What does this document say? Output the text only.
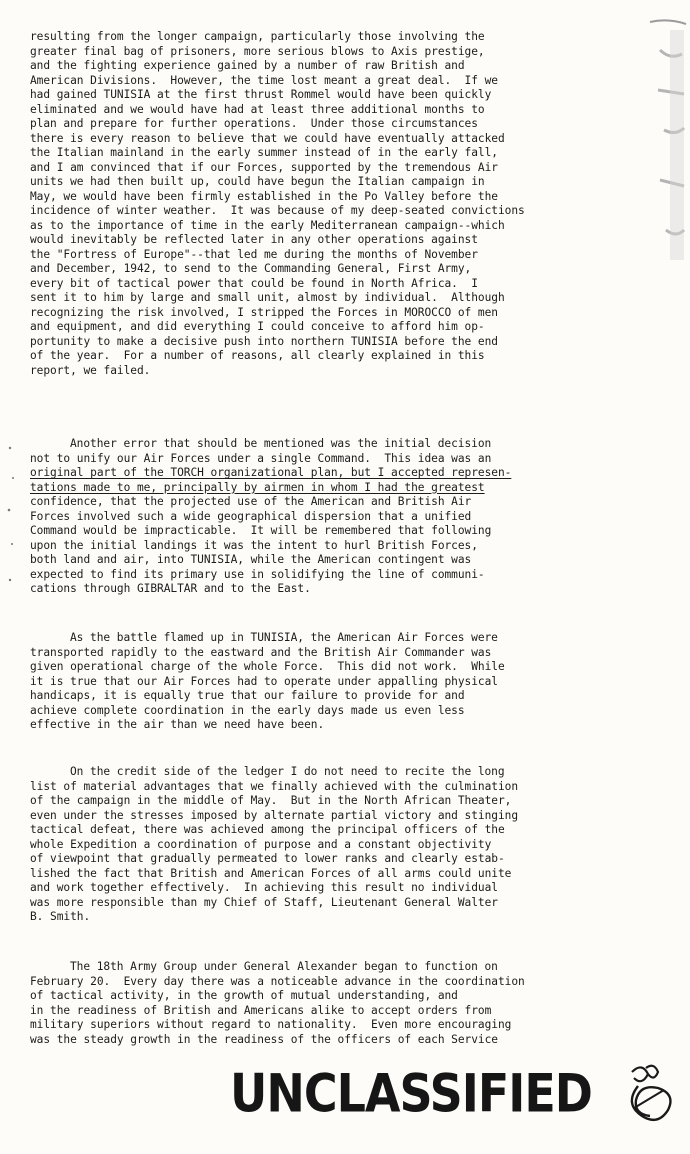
resulting from the longer campaign, particularly those involving the
greater final bag of prisoners, more serious blows to Axis prestige,
and the fighting experience gained by a number of raw British and
American Divisions.  However, the time lost meant a great deal.  If we
had gained TUNISIA at the first thrust Rommel would have been quickly
eliminated and we would have had at least three additional months to
plan and prepare for further operations.  Under those circumstances
there is every reason to believe that we could have eventually attacked
the Italian mainland in the early summer instead of in the early fall,
and I am convinced that if our Forces, supported by the tremendous Air
units we had then built up, could have begun the Italian campaign in
May, we would have been firmly established in the Po Valley before the
incidence of winter weather.  It was because of my deep-seated convictions
as to the importance of time in the early Mediterranean campaign--which
would inevitably be reflected later in any other operations against
the "Fortress of Europe"--that led me during the months of November
and December, 1942, to send to the Commanding General, First Army,
every bit of tactical power that could be found in North Africa.  I
sent it to him by large and small unit, almost by individual.  Although
recognizing the risk involved, I stripped the Forces in MOROCCO of men
and equipment, and did everything I could conceive to afford him op-
portunity to make a decisive push into northern TUNISIA before the end
of the year.  For a number of reasons, all clearly explained in this
report, we failed.
Another error that should be mentioned was the initial decision
not to unify our Air Forces under a single Command.  This idea was an
original part of the TORCH organizational plan, but I accepted represen-
tations made to me, principally by airmen in whom I had the greatest
confidence, that the projected use of the American and British Air
Forces involved such a wide geographical dispersion that a unified
Command would be impracticable.  It will be remembered that following
upon the initial landings it was the intent to hurl British Forces,
both land and air, into TUNISIA, while the American contingent was
expected to find its primary use in solidifying the line of communi-
cations through GIBRALTAR and to the East.
As the battle flamed up in TUNISIA, the American Air Forces were
transported rapidly to the eastward and the British Air Commander was
given operational charge of the whole Force.  This did not work.  While
it is true that our Air Forces had to operate under appalling physical
handicaps, it is equally true that our failure to provide for and
achieve complete coordination in the early days made us even less
effective in the air than we need have been.
On the credit side of the ledger I do not need to recite the long
list of material advantages that we finally achieved with the culmination
of the campaign in the middle of May.  But in the North African Theater,
even under the stresses imposed by alternate partial victory and stinging
tactical defeat, there was achieved among the principal officers of the
whole Expedition a coordination of purpose and a constant objectivity
of viewpoint that gradually permeated to lower ranks and clearly estab-
lished the fact that British and American Forces of all arms could unite
and work together effectively.  In achieving this result no individual
was more responsible than my Chief of Staff, Lieutenant General Walter
B. Smith.
The 18th Army Group under General Alexander began to function on
February 20.  Every day there was a noticeable advance in the coordination
of tactical activity, in the growth of mutual understanding, and
in the readiness of British and Americans alike to accept orders from
military superiors without regard to nationality.  Even more encouraging
was the steady growth in the readiness of the officers of each Service
UNCLASSIFIED
